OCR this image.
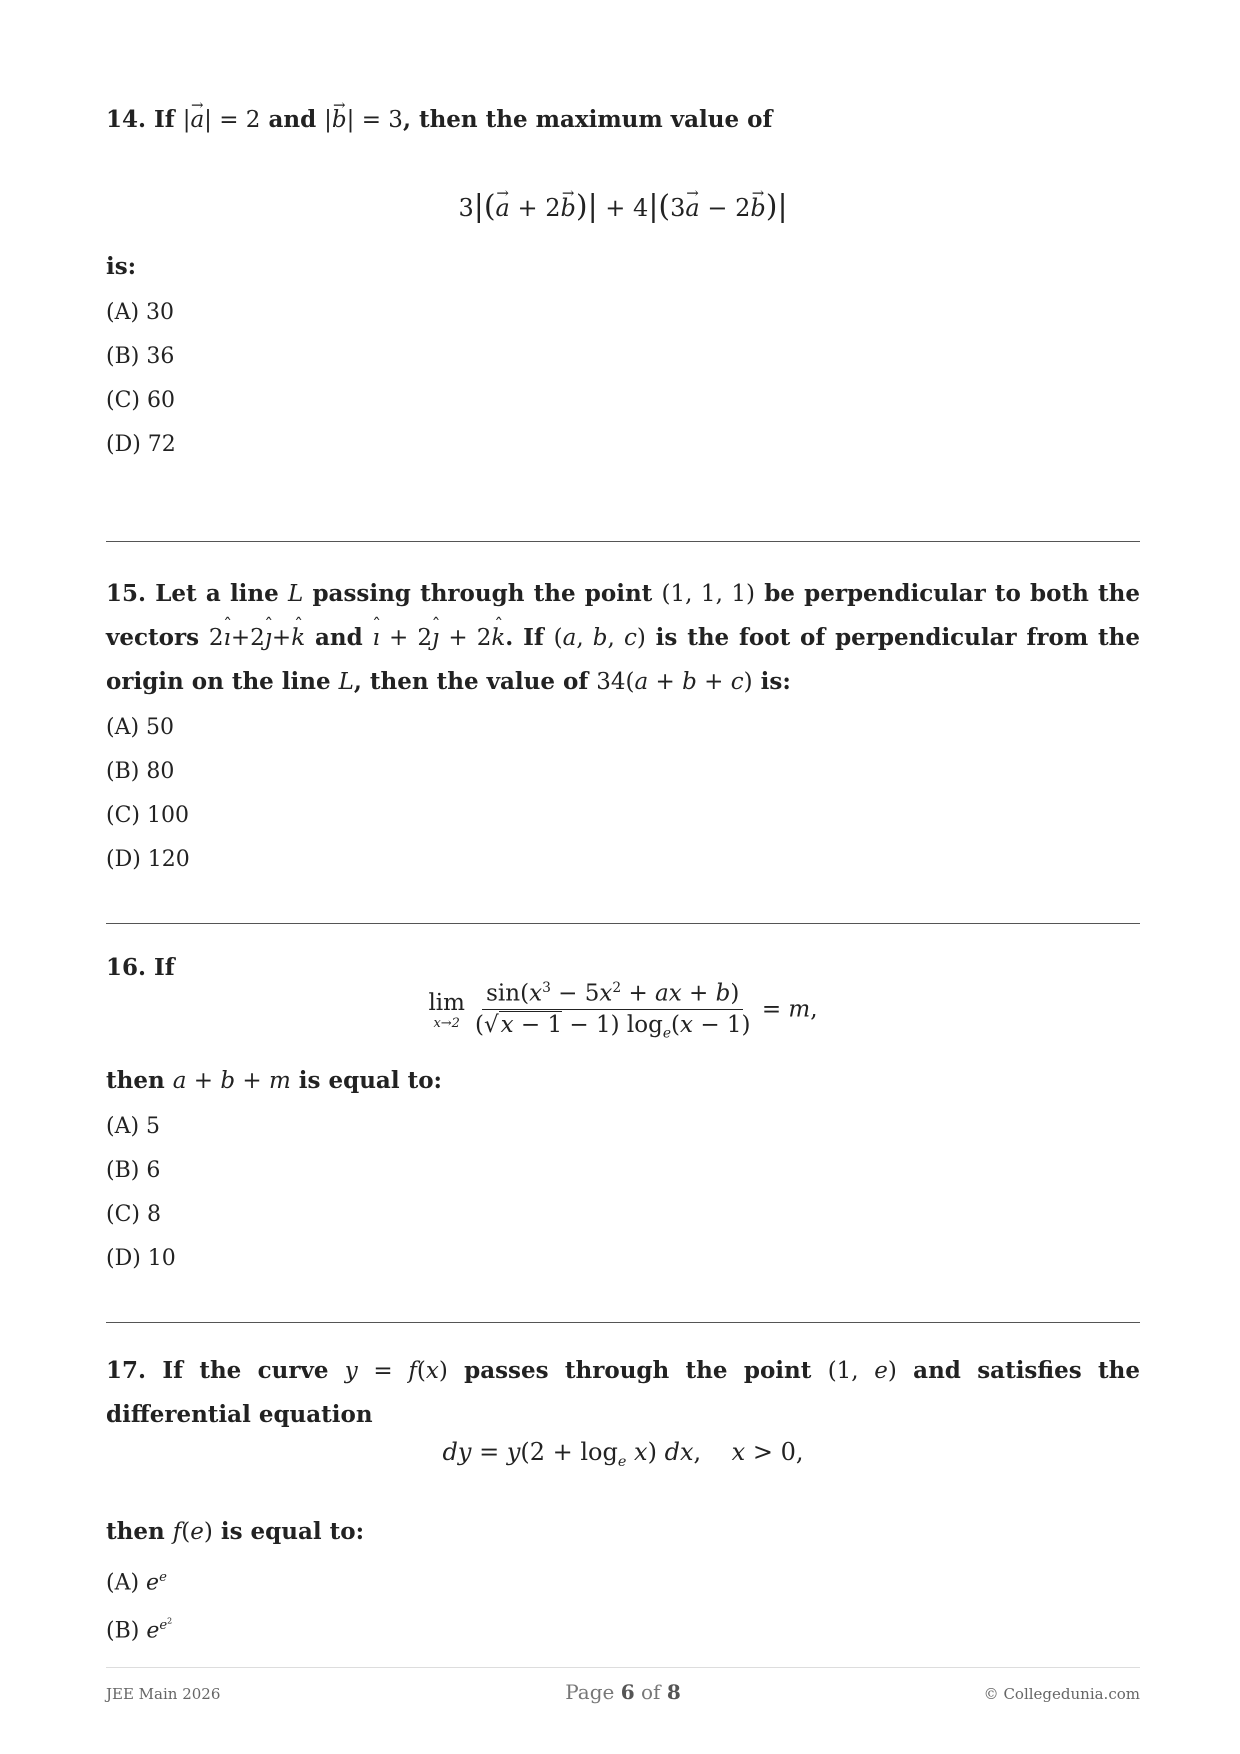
14. If |→ a| = 2 and |→ b| = 3, then the maximum value of

3|(→ a + 2→ b)| + 4|(3→ a − 2→ b)|

is:

(A) 30
(B) 36
(C) 60
(D) 72

15. Let a line L passing through the point (1, 1, 1) be perpendicular to both the vectors 2ˆ ı+2ˆ ȷ+ˆ k and ˆ ı + 2ˆ ȷ + 2ˆ k. If (a, b, c) is the foot of perpendicular from the origin on the line L, then the value of 34(a + b + c) is:

(A) 50
(B) 80
(C) 100
(D) 120

16. If

lim
$x\to 2 \frac{\sin(x^3 - 5x^2 + ax + b)}{(√x - 1 - 1) \log_e(x - 1)} = m$,

then a + b + m is equal to:

(A) 5
(B) 6
(C) 8
(D) 10

17. If the curve y = f(x) passes through the point (1, e) and satisfies the differential equation

dy = $y(2 + \log_e x)$ dx,    x > 0,

then f(e) is equal to:

(A) $e^e$
(B) $e^{e^2}$
JEE Main 2026	Page 6 of 8	© Collegedunia.com
